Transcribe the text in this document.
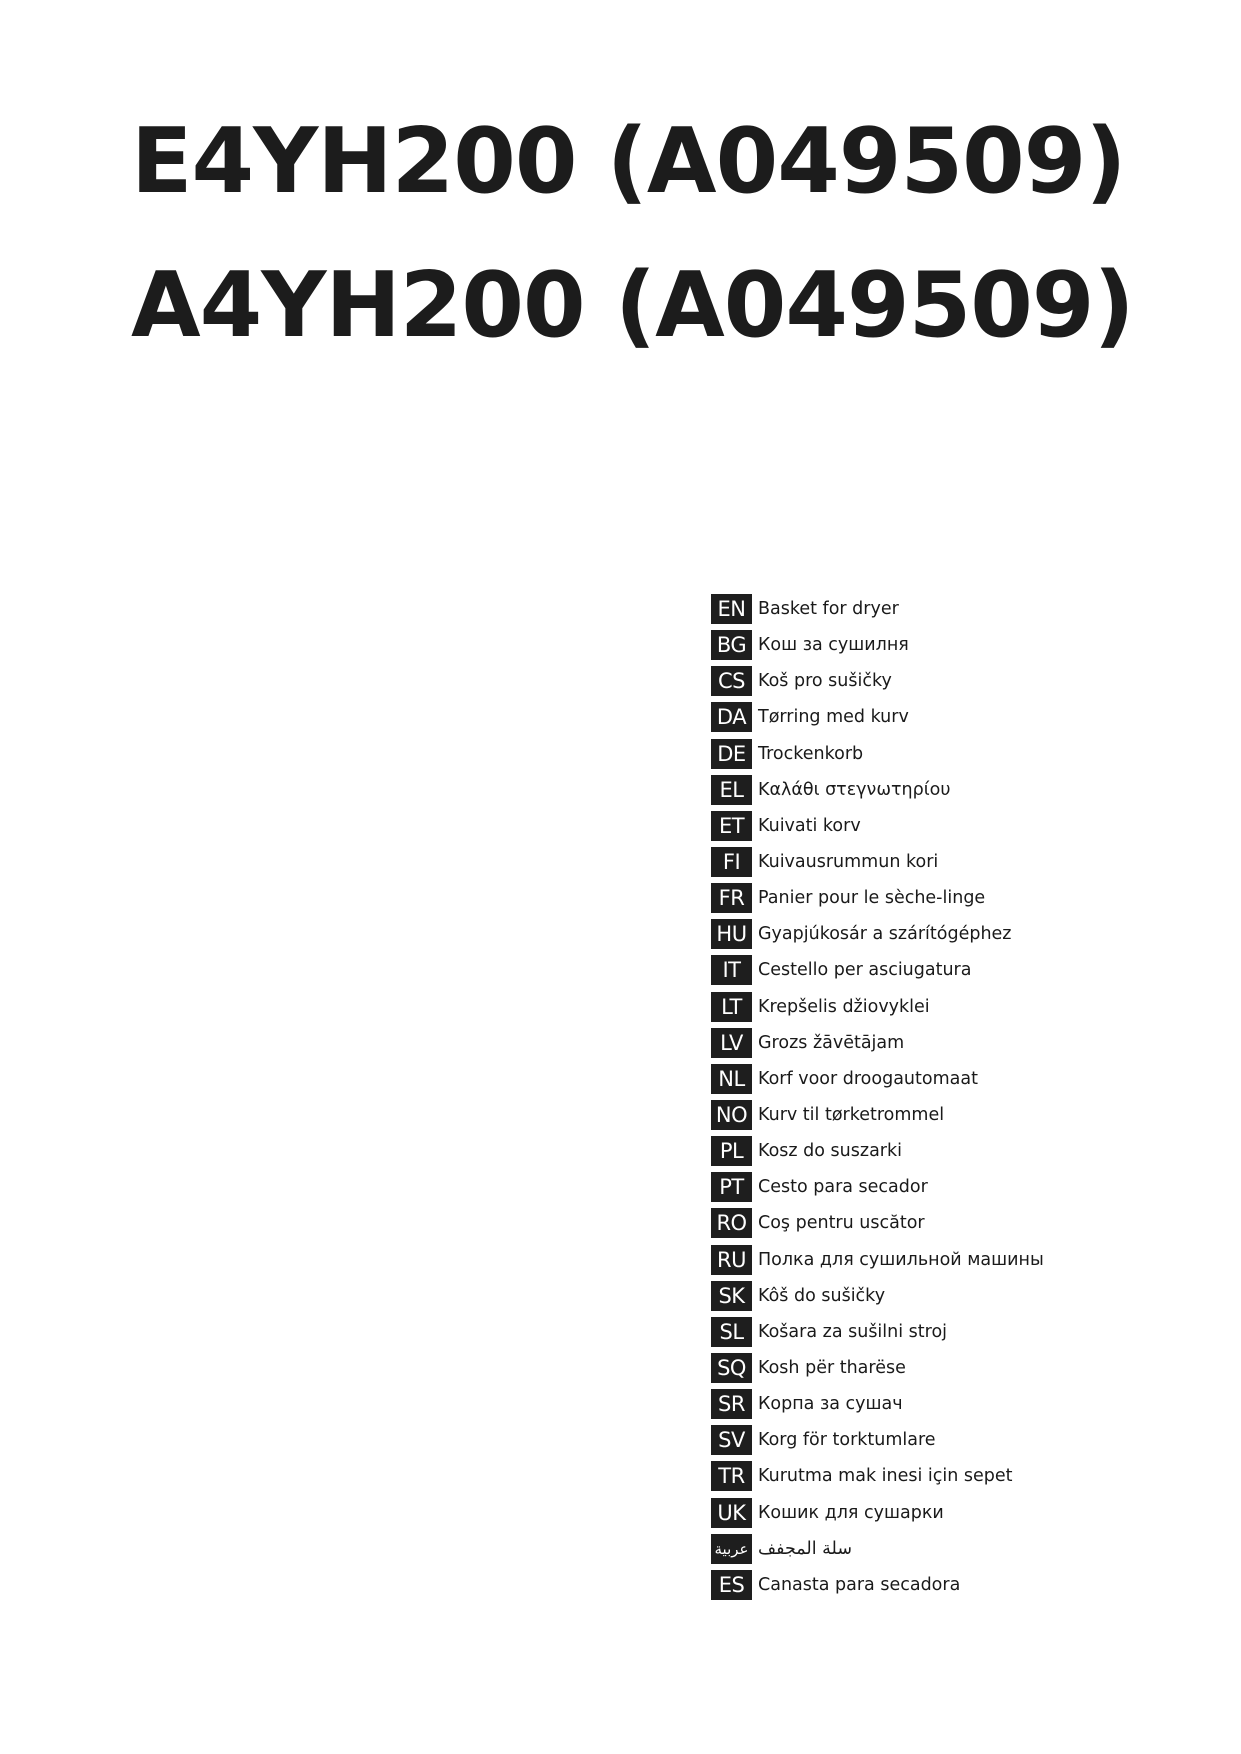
E4YH200 (A049509)
A4YH200 (A049509)
EN Basket for dryer
BG Кош за сушилня
CS Koš pro sušičky
DA Tørring med kurv
DE Trockenkorb
EL Καλάθι στεγνωτηρίου
ET Kuivati korv
FI	Kuivausrummun kori
FR Panier pour le sèche-linge
HU Gyapjúkosár a szárítógéphez
IT Cestello per asciugatura
LT Krepšelis džiovyklei
LV Grozs žāvētājam
NL Korf voor droogautomaat
NO Kurv til tørketrommel
PL Kosz do suszarki
PT Cesto para secador
RO Coş pentru uscător
RU Полка для сушильной машины
SK Kôš do sušičky
SL Košara za sušilni stroj
SQ Kosh për tharëse
SR Корпа за сушач
SV Korg för torktumlare
TR Kurutma mak inesi için sepet
UK Кошик для сушарки
عربية سلة المجفف
ES Canasta para secadora
